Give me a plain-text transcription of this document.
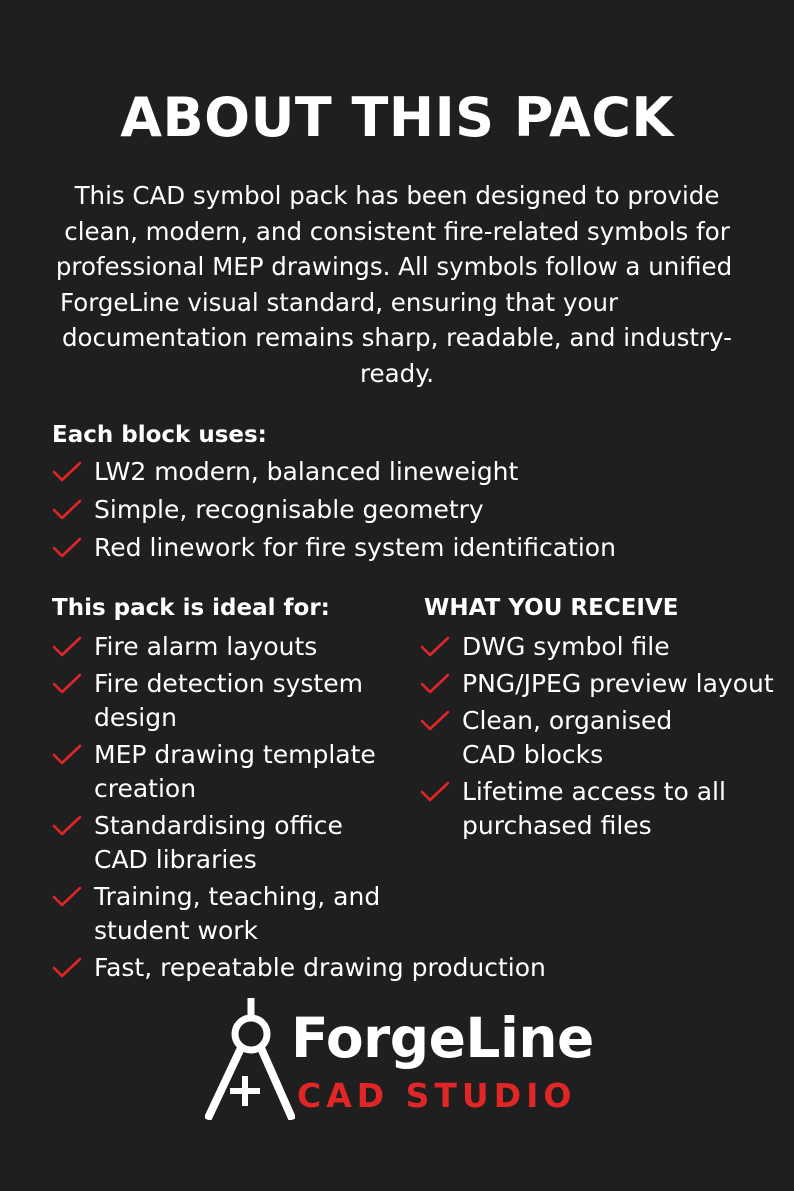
ABOUT THIS PACK

This CAD symbol pack has been designed to provide
clean, modern, and consistent fire-related symbols for
professional MEP drawings. All symbols follow a unified
ForgeLine visual standard, ensuring that your
documentation remains sharp, readable, and industry-
ready.

Each block uses:
LW2 modern, balanced lineweight
Simple, recognisable geometry
Red linework for fire system identification
This pack is ideal for:
Fire alarm layouts
Fire detection system
design
MEP drawing template
creation
Standardising office
CAD libraries
Training, teaching, and
student work
Fast, repeatable drawing production
WHAT YOU RECEIVE
DWG symbol file
PNG/JPEG preview layout
Clean, organised
CAD blocks
Lifetime access to all
purchased files
ForgeLine
CAD STUDIO
